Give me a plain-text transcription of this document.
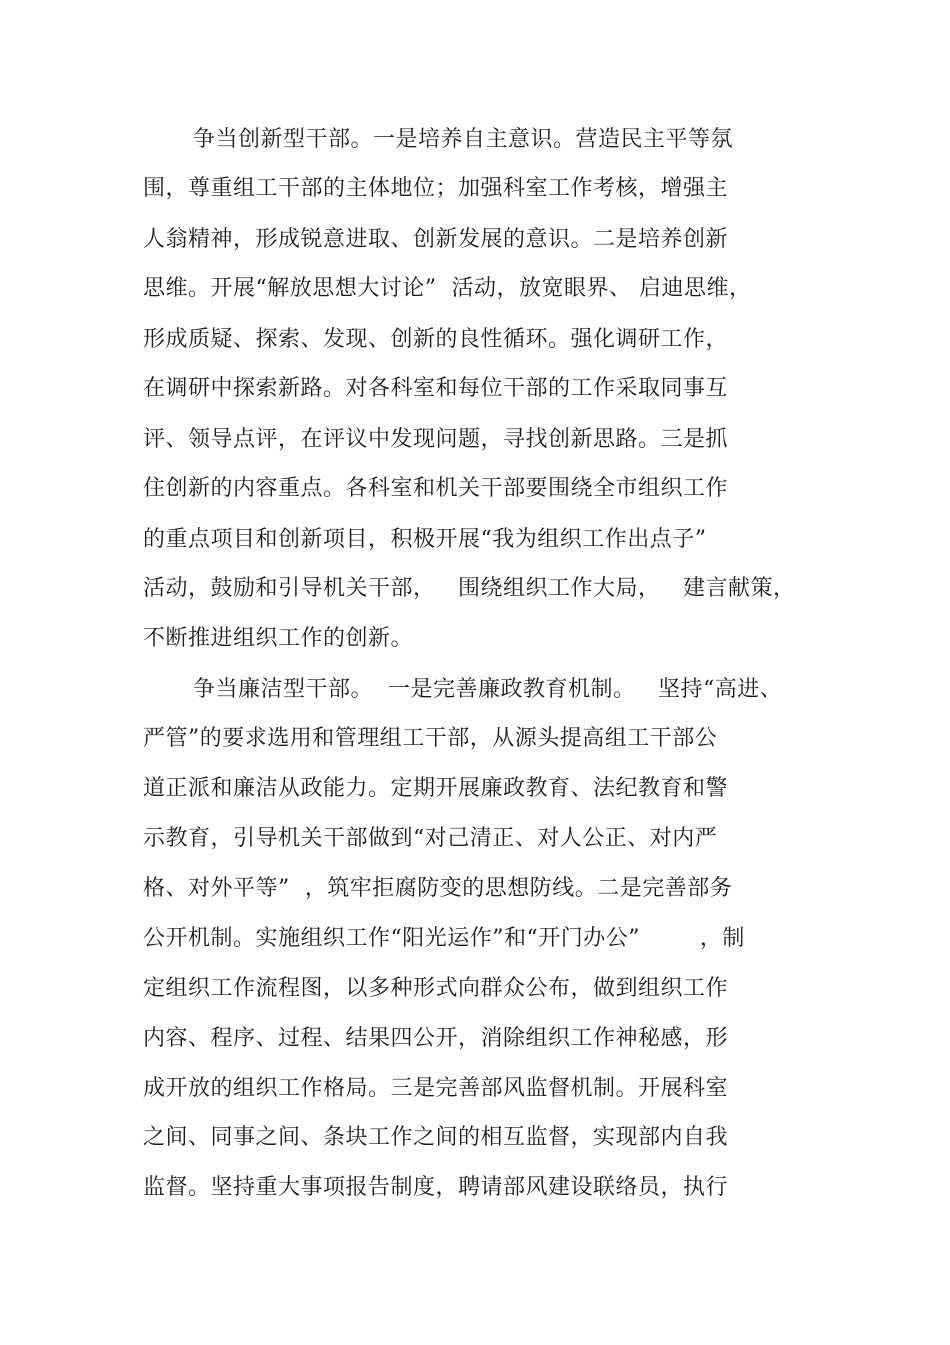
争当创新型干部。一是培养自主意识。营造民主平等氛
围，尊重组工干部的主体地位；加强科室工作考核，增强主
人翁精神，形成锐意进取、创新发展的意识。二是培养创新
思维。开展“解放思想大讨论”  活动，放宽眼界、 启迪思维，
形成质疑、探索、发现、创新的良性循环。强化调研工作，
在调研中探索新路。对各科室和每位干部的工作采取同事互
评、领导点评，在评议中发现问题，寻找创新思路。三是抓
住创新的内容重点。各科室和机关干部要围绕全市组织工作
的重点项目和创新项目，积极开展“我为组织工作出点子”
活动，鼓励和引导机关干部，   围绕组织工作大局，   建言献策，
不断推进组织工作的创新。
争当廉洁型干部。  一是完善廉政教育机制。   坚持“高进、
严管”的要求选用和管理组工干部，从源头提高组工干部公
道正派和廉洁从政能力。定期开展廉政教育、法纪教育和警
示教育，引导机关干部做到“对己清正、对人公正、对内严
格、对外平等”  ，筑牢拒腐防变的思想防线。二是完善部务
公开机制。实施组织工作“阳光运作”和“开门办公”        ，制
定组织工作流程图，以多种形式向群众公布，做到组织工作
内容、程序、过程、结果四公开，消除组织工作神秘感，形
成开放的组织工作格局。三是完善部风监督机制。开展科室
之间、同事之间、条块工作之间的相互监督，实现部内自我
监督。坚持重大事项报告制度，聘请部风建设联络员，执行
